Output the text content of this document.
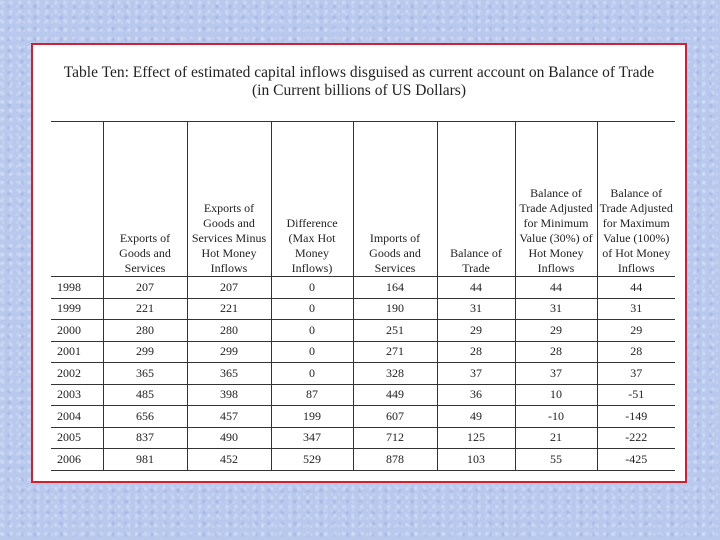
Table Ten: Effect of estimated capital inflows disguised as current account on Balance of Trade
(in Current billions of US Dollars)
	Exports of Goods and Services	Exports of Goods and Services Minus Hot Money Inflows	Difference (Max Hot Money Inflows)	Imports of Goods and Services	Balance of Trade	Balance of Trade Adjusted for Minimum Value (30%) of Hot Money Inflows	Balance of Trade Adjusted for Maximum Value (100%) of Hot Money Inflows
1998	207	207	0	164	44	44	44
1999	221	221	0	190	31	31	31
2000	280	280	0	251	29	29	29
2001	299	299	0	271	28	28	28
2002	365	365	0	328	37	37	37
2003	485	398	87	449	36	10	-51
2004	656	457	199	607	49	-10	-149
2005	837	490	347	712	125	21	-222
2006	981	452	529	878	103	55	-425
